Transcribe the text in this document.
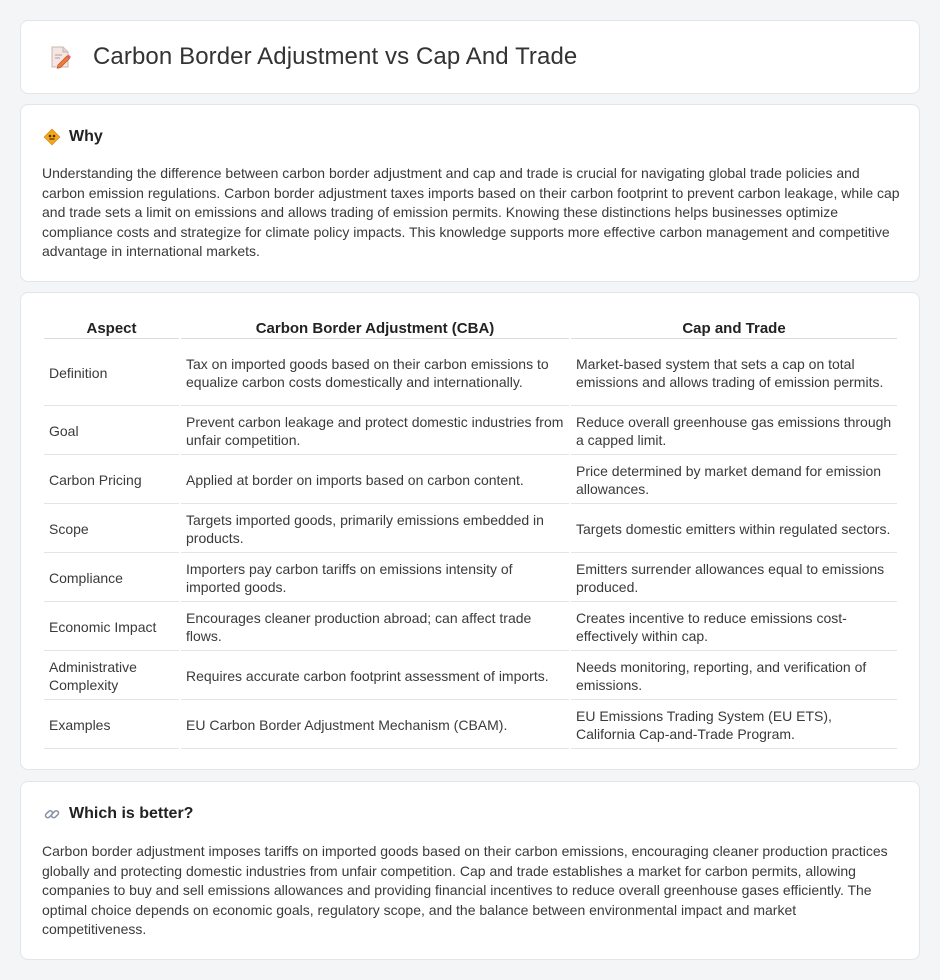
Carbon Border Adjustment vs Cap And Trade
Why

Understanding the difference between carbon border adjustment and cap and trade is crucial for navigating global trade policies and carbon emission regulations. Carbon border adjustment taxes imports based on their carbon footprint to prevent carbon leakage, while cap and trade sets a limit on emissions and allows trading of emission permits. Knowing these distinctions helps businesses optimize compliance costs and strategize for climate policy impacts. This knowledge supports more effective carbon management and competitive advantage in international markets.

Aspect	Carbon Border Adjustment (CBA)	Cap and Trade
Definition	Tax on imported goods based on their carbon emissions to equalize carbon costs domestically and internationally.	Market-based system that sets a cap on total emissions and allows trading of emission permits.
Goal	Prevent carbon leakage and protect domestic industries from unfair competition.	Reduce overall greenhouse gas emissions through a capped limit.
Carbon Pricing	Applied at border on imports based on carbon content.	Price determined by market demand for emission allowances.
Scope	Targets imported goods, primarily emissions embedded in products.	Targets domestic emitters within regulated sectors.
Compliance	Importers pay carbon tariffs on emissions intensity of imported goods.	Emitters surrender allowances equal to emissions produced.
Economic Impact	Encourages cleaner production abroad; can affect trade flows.	Creates incentive to reduce emissions cost-effectively within cap.
Administrative Complexity	Requires accurate carbon footprint assessment of imports.	Needs monitoring, reporting, and verification of emissions.
Examples	EU Carbon Border Adjustment Mechanism (CBAM).	EU Emissions Trading System (EU ETS), California Cap-and-Trade Program.
Which is better?

Carbon border adjustment imposes tariffs on imported goods based on their carbon emissions, encouraging cleaner production practices globally and protecting domestic industries from unfair competition. Cap and trade establishes a market for carbon permits, allowing companies to buy and sell emissions allowances and providing financial incentives to reduce overall greenhouse gases efficiently. The optimal choice depends on economic goals, regulatory scope, and the balance between environmental impact and market competitiveness.
